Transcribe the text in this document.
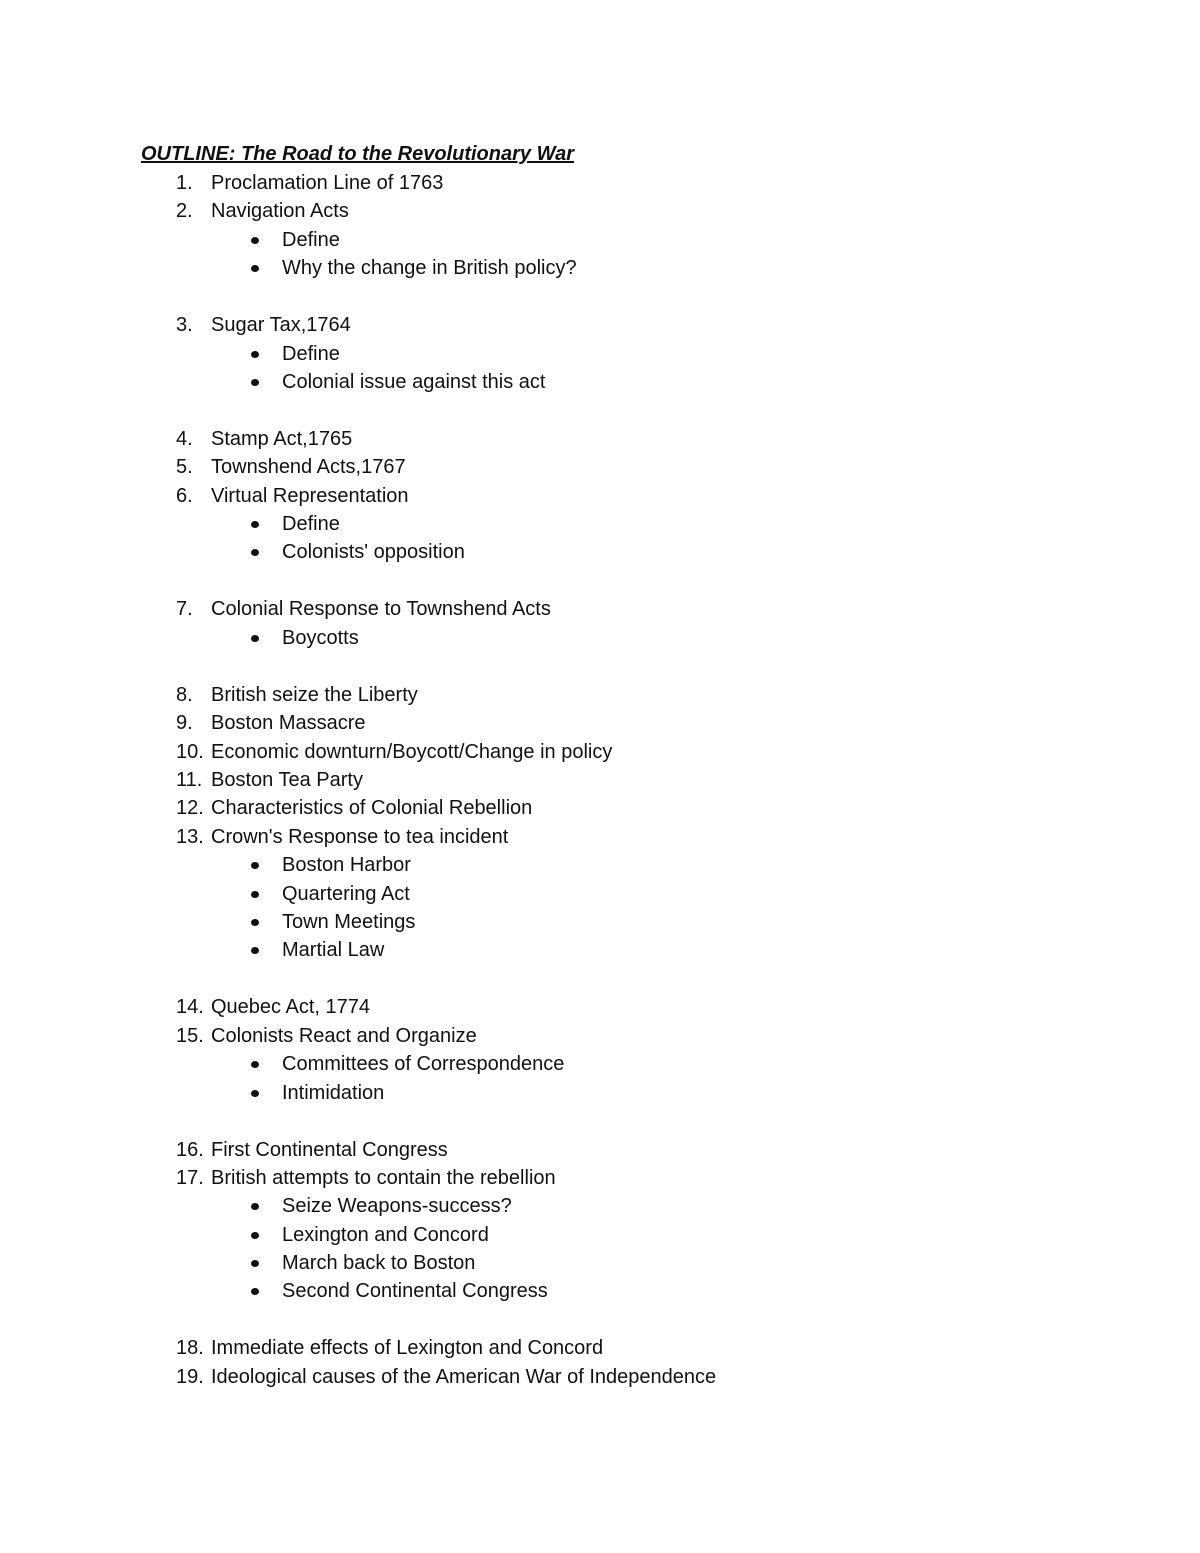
OUTLINE: The Road to the Revolutionary War
1. Proclamation Line of 1763
2. Navigation Acts
Define
Why the change in British policy?
3. Sugar Tax,1764
Define
Colonial issue against this act
4. Stamp Act,1765
5. Townshend Acts,1767
6. Virtual Representation
Define
Colonists' opposition
7. Colonial Response to Townshend Acts
Boycotts
8. British seize the Liberty
9. Boston Massacre
10. Economic downturn/Boycott/Change in policy
11. Boston Tea Party
12. Characteristics of Colonial Rebellion
13. Crown's Response to tea incident
Boston Harbor
Quartering Act
Town Meetings
Martial Law
14. Quebec Act, 1774
15. Colonists React and Organize
Committees of Correspondence
Intimidation
16. First Continental Congress
17. British attempts to contain the rebellion
Seize Weapons-success?
Lexington and Concord
March back to Boston
Second Continental Congress
18. Immediate effects of Lexington and Concord
19. Ideological causes of the American War of Independence
